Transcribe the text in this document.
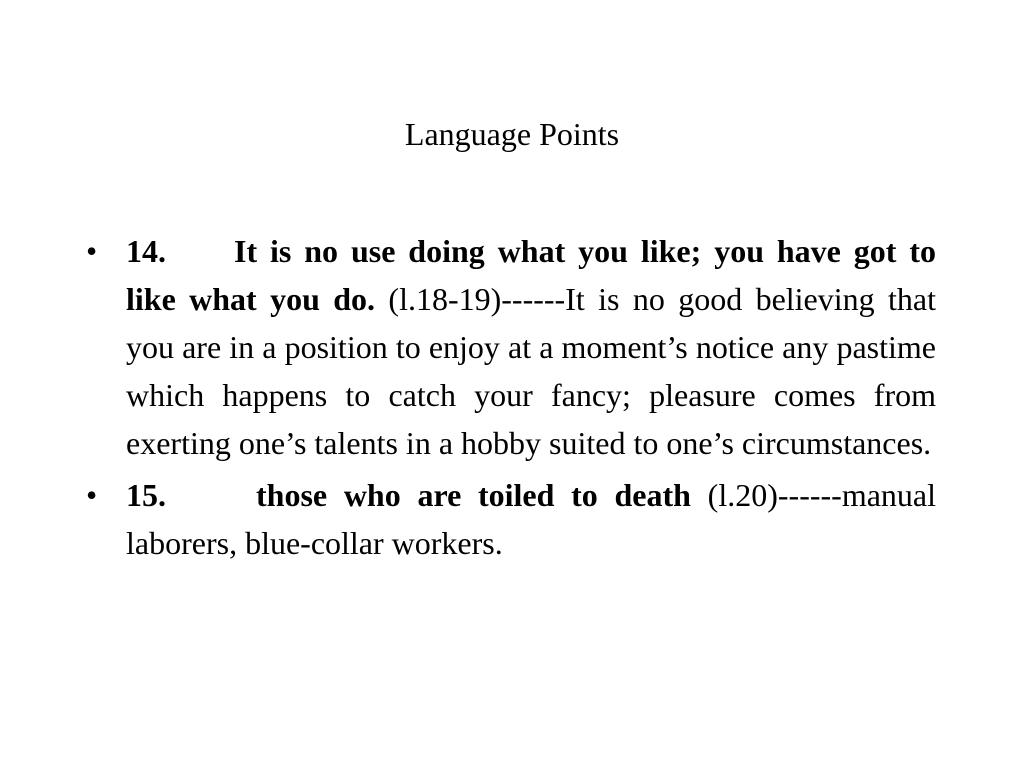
Language Points
• 14. It is no use doing what you like; you have got to like what you do. (l.18-19)------It is no good believing that you are in a position to enjoy at a moment’s notice any pastime which happens to catch your fancy; pleasure comes from exerting one’s talents in a hobby suited to one’s circumstances.
• 15.	those who are toiled to death (l.20)------manual laborers, blue-collar workers.
